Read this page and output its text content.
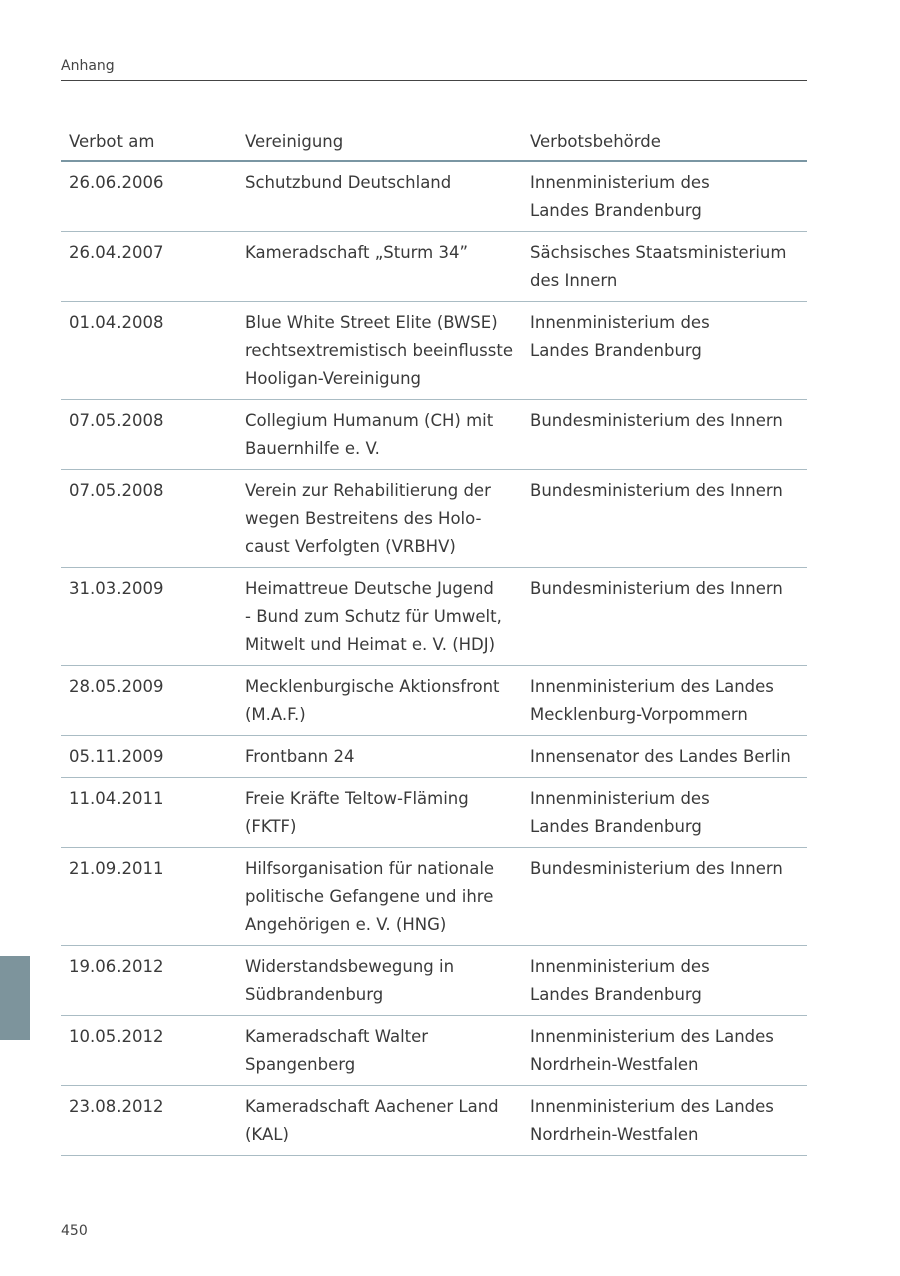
Anhang
Verbot am	Vereinigung	Verbotsbehörde
26.06.2006	Schutzbund Deutschland	Innenministerium des
Landes Brandenburg
26.04.2007	Kameradschaft „Sturm 34”	Sächsisches Staatsministerium
des Innern
01.04.2008	Blue White Street Elite (BWSE)
rechtsextremistisch beeinflusste
Hooligan-Vereinigung	Innenministerium des
Landes Brandenburg
07.05.2008	Collegium Humanum (CH) mit
Bauernhilfe e. V.	Bundesministerium des Innern
07.05.2008	Verein zur Rehabilitierung der
wegen Bestreitens des Holo-
caust Verfolgten (VRBHV)	Bundesministerium des Innern
31.03.2009	Heimattreue Deutsche Jugend
- Bund zum Schutz für Umwelt,
Mitwelt und Heimat e. V. (HDJ)	Bundesministerium des Innern
28.05.2009	Mecklenburgische Aktionsfront
(M.A.F.)	Innenministerium des Landes
Mecklenburg-Vorpommern
05.11.2009	Frontbann 24	Innensenator des Landes Berlin
11.04.2011	Freie Kräfte Teltow-Fläming
(FKTF)	Innenministerium des
Landes Brandenburg
21.09.2011	Hilfsorganisation für nationale
politische Gefangene und ihre
Angehörigen e. V. (HNG)	Bundesministerium des Innern
19.06.2012	Widerstandsbewegung in
Südbrandenburg	Innenministerium des
Landes Brandenburg
10.05.2012	Kameradschaft Walter
Spangenberg	Innenministerium des Landes
Nordrhein-Westfalen
23.08.2012	Kameradschaft Aachener Land
(KAL)	Innenministerium des Landes
Nordrhein-Westfalen
450
